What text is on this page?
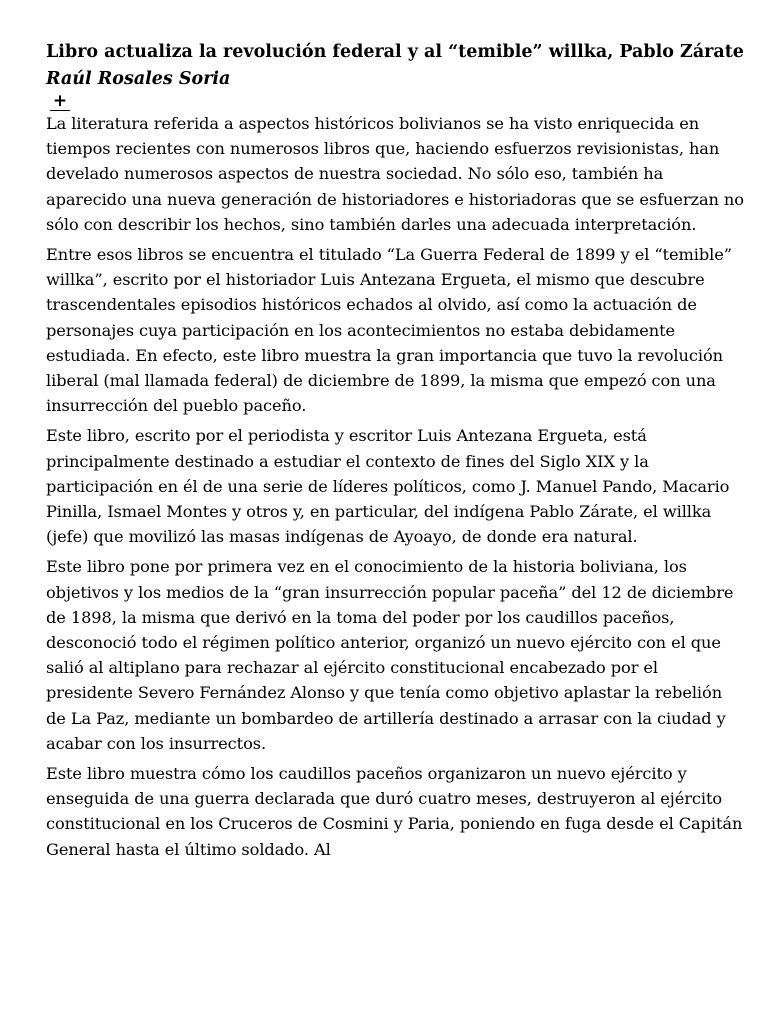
Libro actualiza la revolución federal y al “temible” willka, Pablo Zárate
Raúl Rosales Soria
+

La literatura referida a aspectos históricos bolivianos se ha visto enriquecida en tiempos recientes con numerosos libros que, haciendo esfuerzos revisionistas, han develado numerosos aspectos de nuestra sociedad. No sólo eso, también ha aparecido una nueva generación de historiadores e historiadoras que se esfuerzan no sólo con describir los hechos, sino también darles una adecuada interpretación.

Entre esos libros se encuentra el titulado “La Guerra Federal de 1899 y el “temible” willka”, escrito por el historiador Luis Antezana Ergueta, el mismo que descubre trascendentales episodios históricos echados al olvido, así como la actuación de personajes cuya participación en los acontecimientos no estaba debidamente estudiada. En efecto, este libro muestra la gran importancia que tuvo la revolución liberal (mal llamada federal) de diciembre de 1899, la misma que empezó con una insurrección del pueblo paceño.

Este libro, escrito por el periodista y escritor Luis Antezana Ergueta, está principalmente destinado a estudiar el contexto de fines del Siglo XIX y la participación en él de una serie de líderes políticos, como J. Manuel Pando, Macario Pinilla, Ismael Montes y otros y, en particular, del indígena Pablo Zárate, el willka (jefe) que movilizó las masas indígenas de Ayoayo, de donde era natural.

Este libro pone por primera vez en el conocimiento de la historia boliviana, los objetivos y los medios de la “gran insurrección popular paceña” del 12 de diciembre de 1898, la misma que derivó en la toma del poder por los caudillos paceños, desconoció todo el régimen político anterior, organizó un nuevo ejército con el que salió al altiplano para rechazar al ejército constitucional encabezado por el presidente Severo Fernández Alonso y que tenía como objetivo aplastar la rebelión de La Paz, mediante un bombardeo de artillería destinado a arrasar con la ciudad y acabar con los insurrectos.

Este libro muestra cómo los caudillos paceños organizaron un nuevo ejército y enseguida de una guerra declarada que duró cuatro meses, destruyeron al ejército constitucional en los Cruceros de Cosmini y Paria, poniendo en fuga desde el Capitán General hasta el último soldado. Al
